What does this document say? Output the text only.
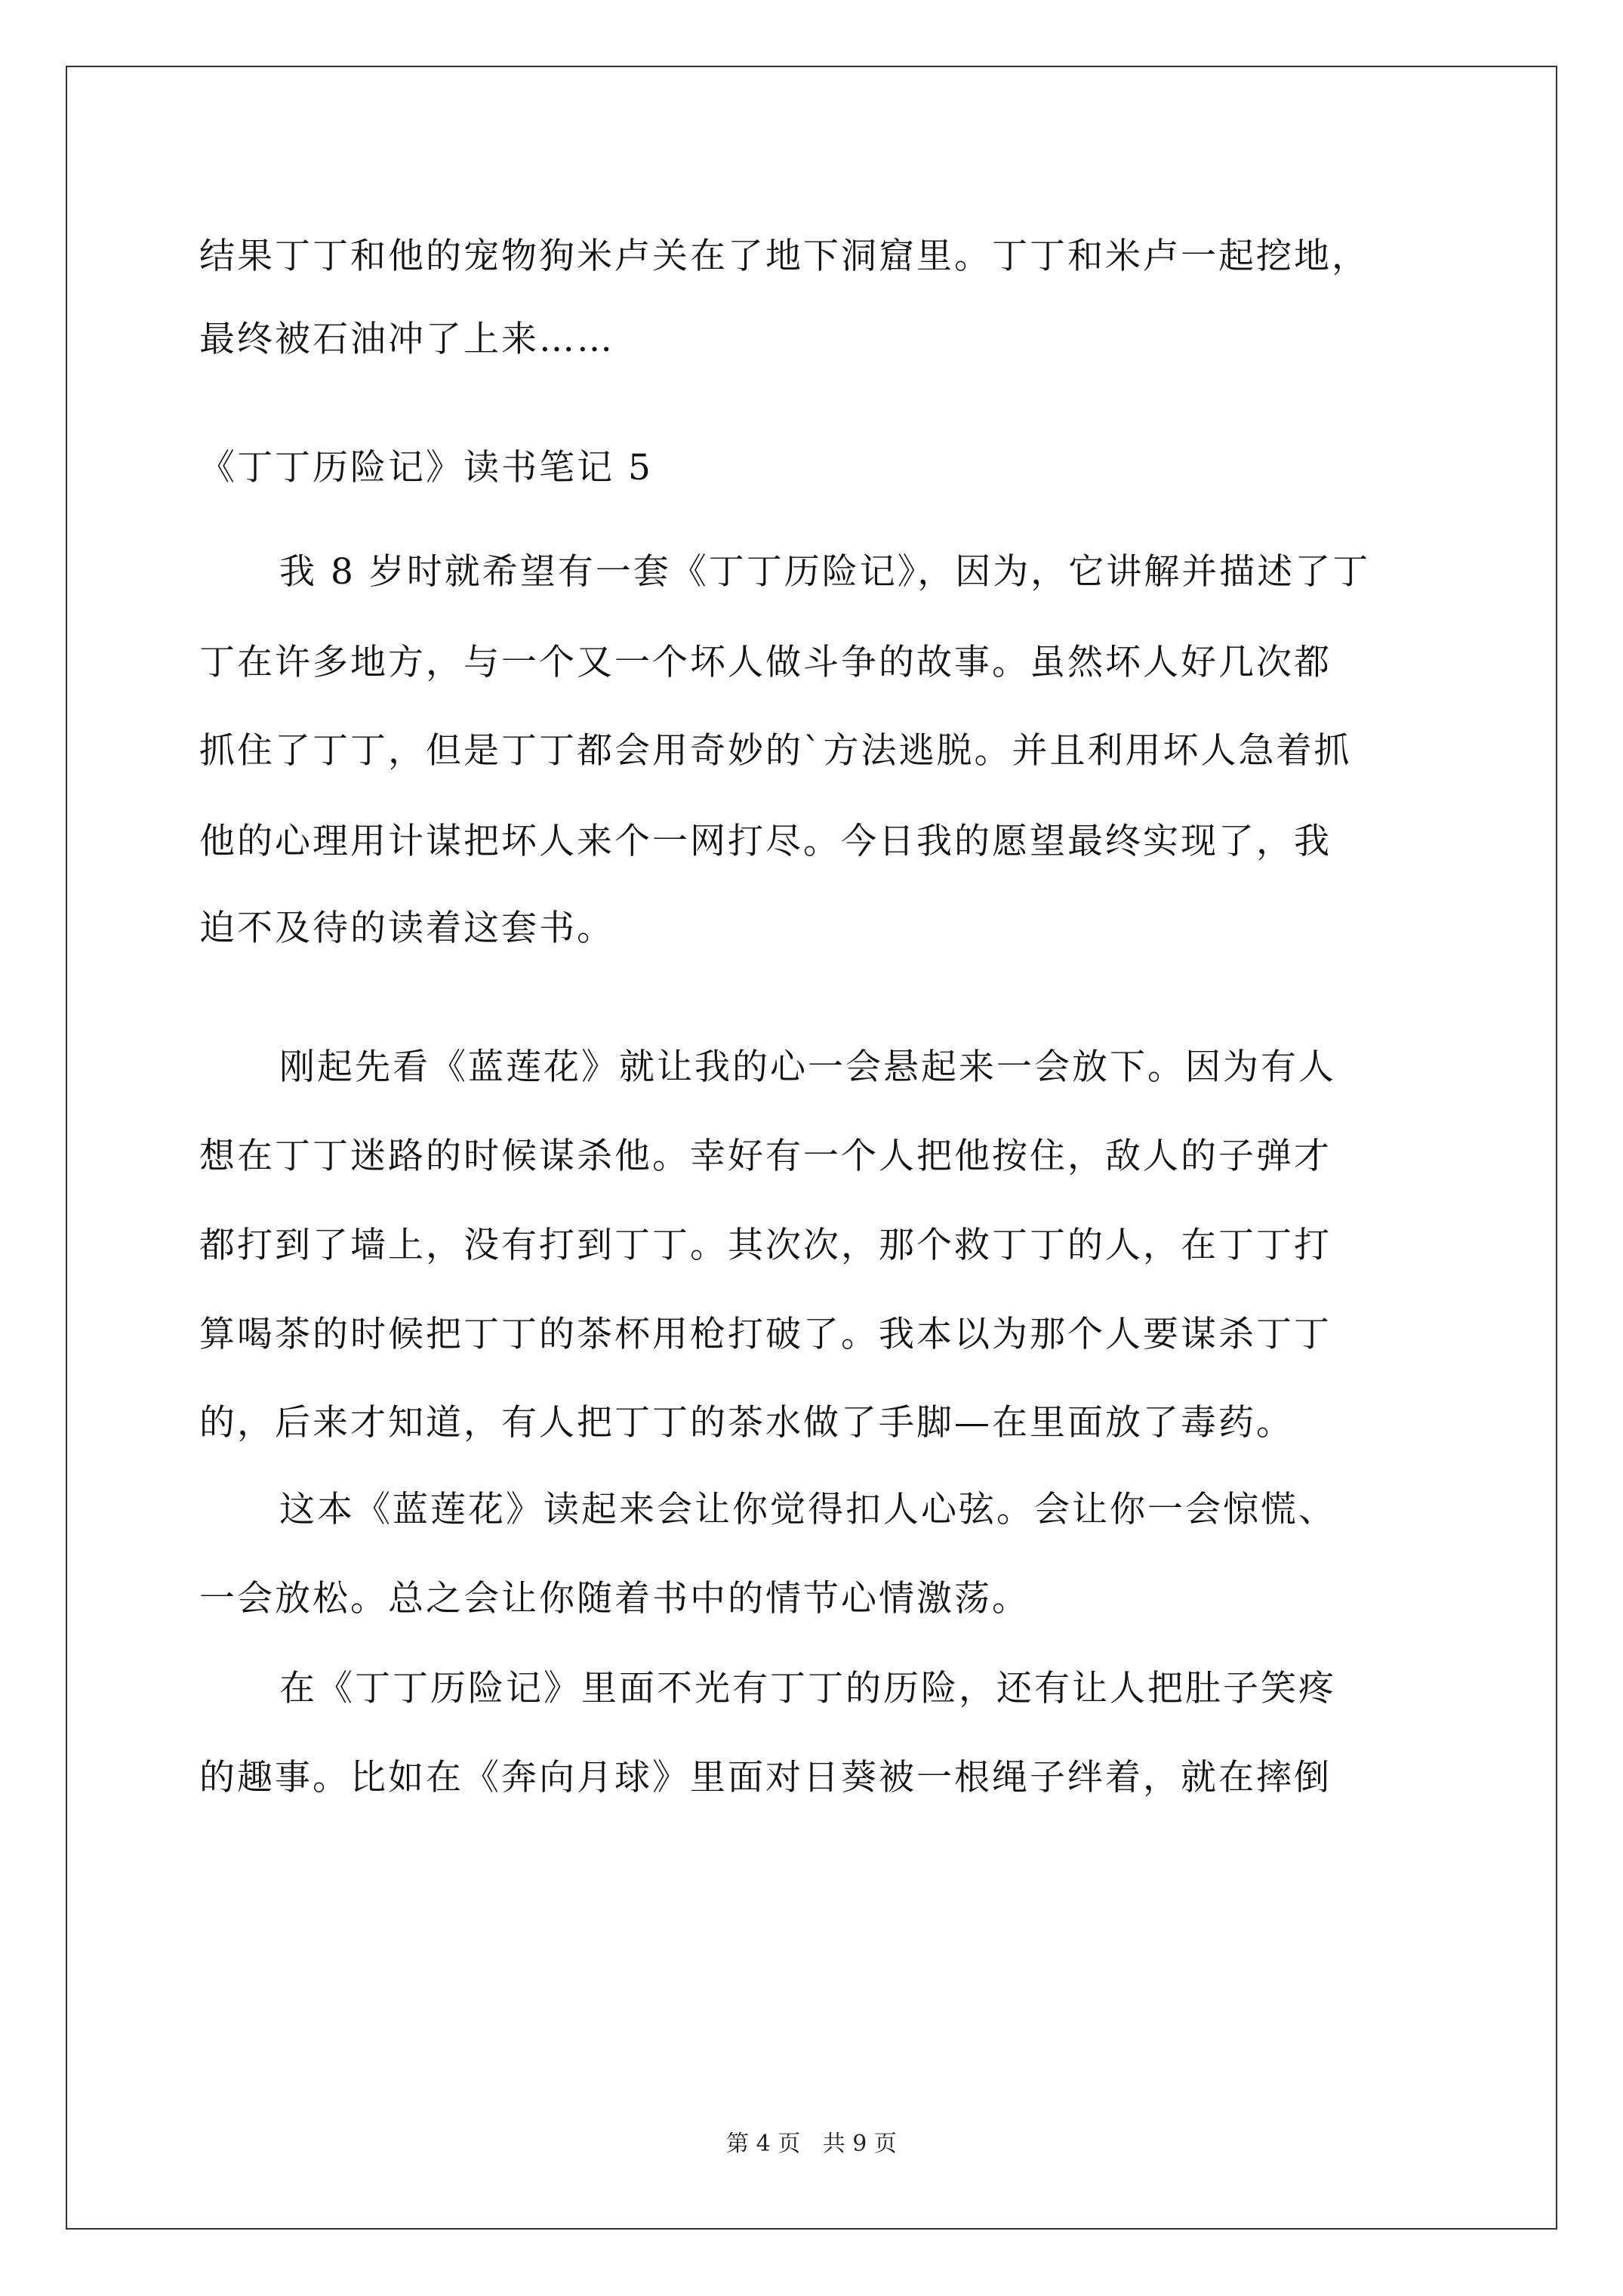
结果丁丁和他的宠物狗米卢关在了地下洞窟里。丁丁和米卢一起挖地，
最终被石油冲了上来……
《丁丁历险记》读书笔记 5
我 8 岁时就希望有一套《丁丁历险记》，因为，它讲解并描述了丁
丁在许多地方，与一个又一个坏人做斗争的故事。虽然坏人好几次都
抓住了丁丁，但是丁丁都会用奇妙的`方法逃脱。并且利用坏人急着抓
他的心理用计谋把坏人来个一网打尽。今日我的愿望最终实现了，我
迫不及待的读着这套书。
刚起先看《蓝莲花》就让我的心一会悬起来一会放下。因为有人
想在丁丁迷路的时候谋杀他。幸好有一个人把他按住，敌人的子弹才
都打到了墙上，没有打到丁丁。其次次，那个救丁丁的人，在丁丁打
算喝茶的时候把丁丁的茶杯用枪打破了。我本以为那个人要谋杀丁丁
的，后来才知道，有人把丁丁的茶水做了手脚—在里面放了毒药。
这本《蓝莲花》读起来会让你觉得扣人心弦。会让你一会惊慌、
一会放松。总之会让你随着书中的情节心情激荡。
在《丁丁历险记》里面不光有丁丁的历险，还有让人把肚子笑疼
的趣事。比如在《奔向月球》里面对日葵被一根绳子绊着，就在摔倒
第 4 页 共 9 页
